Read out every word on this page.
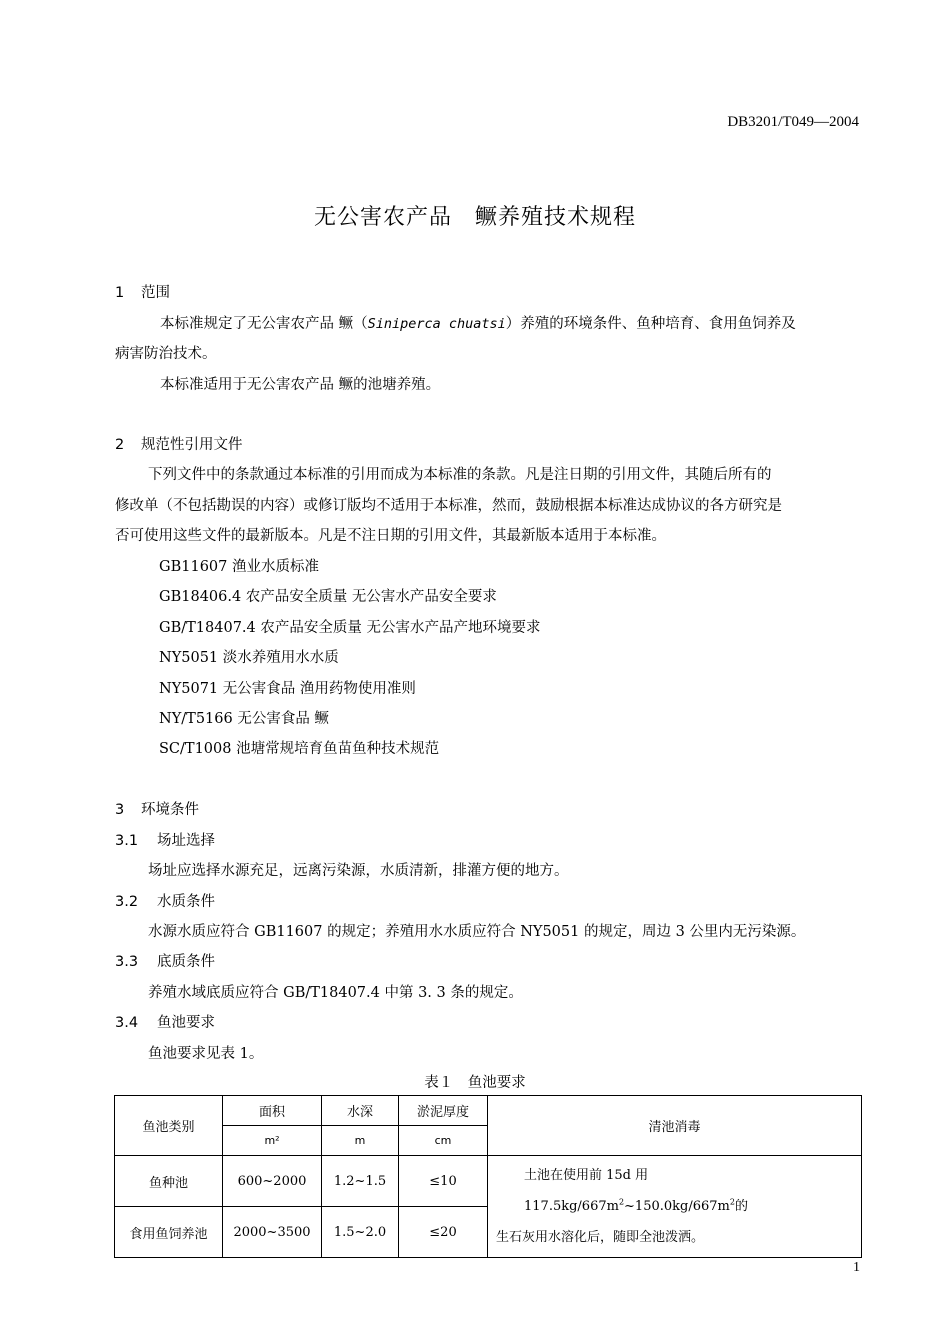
DB3201/T049—2004
无公害农产品　鳜养殖技术规程
1 范围
本标准规定了无公害农产品 鳜（Siniperca chuatsi）养殖的环境条件、鱼种培育、食用鱼饲养及
病害防治技术。
本标准适用于无公害农产品 鳜的池塘养殖。
2 规范性引用文件
下列文件中的条款通过本标准的引用而成为本标准的条款。凡是注日期的引用文件，其随后所有的
修改单（不包括勘误的内容）或修订版均不适用于本标准，然而，鼓励根据本标准达成协议的各方研究是
否可使用这些文件的最新版本。凡是不注日期的引用文件，其最新版本适用于本标准。
GB11607 渔业水质标准
GB18406.4 农产品安全质量 无公害水产品安全要求
GB/T18407.4 农产品安全质量 无公害水产品产地环境要求
NY5051 淡水养殖用水水质
NY5071 无公害食品 渔用药物使用准则
NY/T5166 无公害食品 鳜
SC/T1008 池塘常规培育鱼苗鱼种技术规范
3 环境条件
3.1 场址选择
场址应选择水源充足，远离污染源，水质清新，排灌方便的地方。
3.2 水质条件
水源水质应符合 GB11607 的规定；养殖用水水质应符合 NY5051 的规定，周边 3 公里内无污染源。
3.3 底质条件
养殖水域底质应符合 GB/T18407.4 中第 3. 3 条的规定。
3.4 鱼池要求
鱼池要求见表 1。
表１　鱼池要求
鱼池类别	面积	水深	淤泥厚度	清池消毒
	m²	m	cm	
鱼种池	600~2000	1.2~1.5	≤10	土池在使用前 15d 用 $117.5kg/667m^2\sim 150.0kg/667m^2$的
生石灰用水溶化后，随即全池泼洒。

食用鱼饲养池	2000~3500	1.5~2.0	≤20	
1
